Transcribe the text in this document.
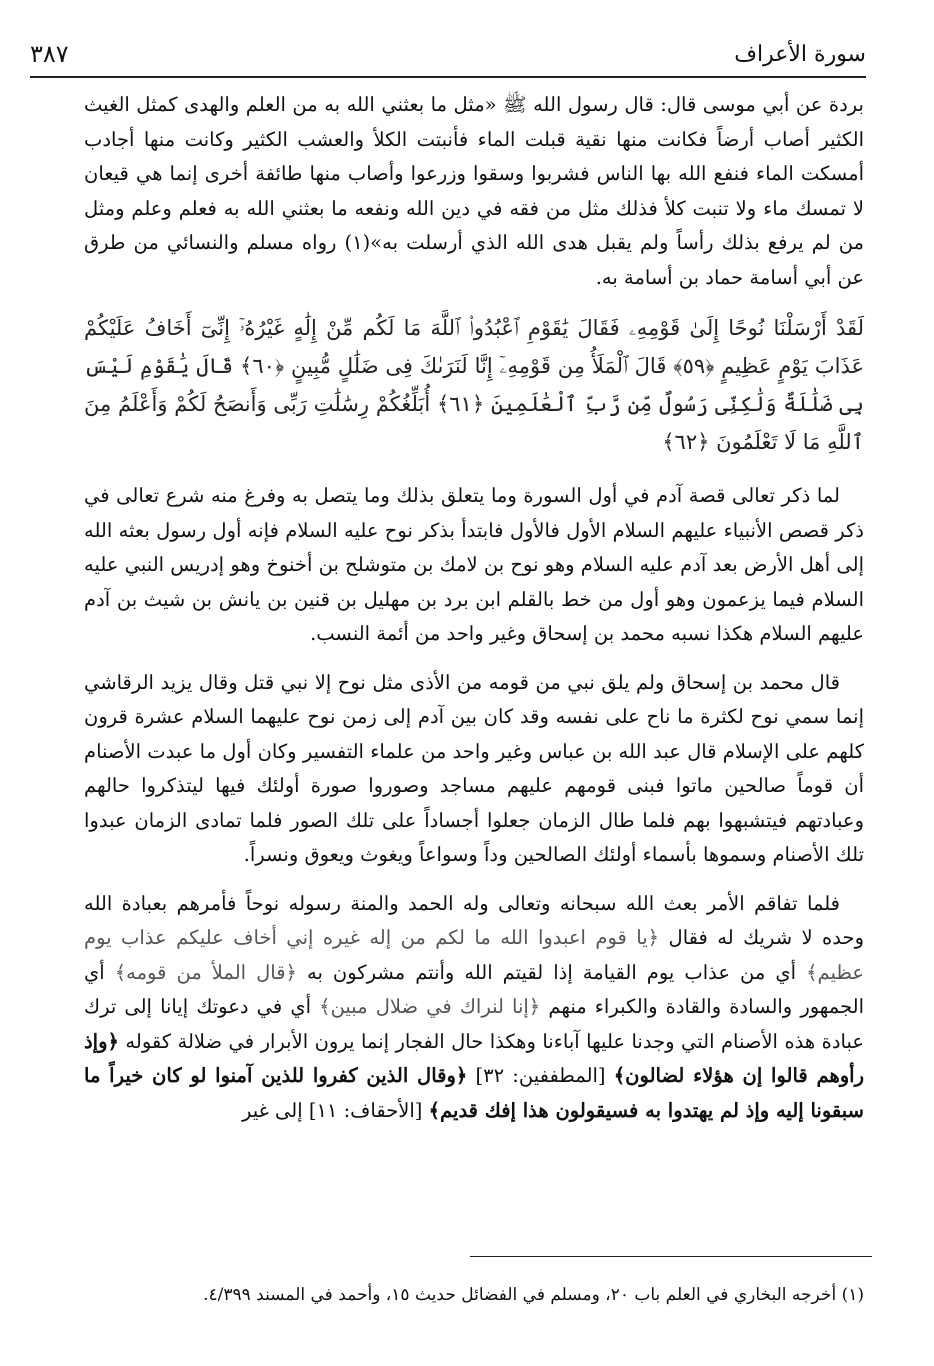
٣٨٧	سورة الأعراف

بردة عن أبي موسى قال: قال رسول الله ﷺ «مثل ما بعثني الله به من العلم والهدى كمثل الغيث الكثير أصاب أرضاً فكانت منها نقية قبلت الماء فأنبتت الكلأ والعشب الكثير وكانت منها أجادب أمسكت الماء فنفع الله بها الناس فشربوا وسقوا وزرعوا وأصاب منها طائفة أخرى إنما هي قيعان لا تمسك ماء ولا تنبت كلأ فذلك مثل من فقه في دين الله ونفعه ما بعثني الله به فعلم وعلم ومثل من لم يرفع بذلك رأساً ولم يقبل هدى الله الذي أرسلت به»(١) رواه مسلم والنسائي من طرق عن أبي أسامة حماد بن أسامة به.

لَقَدْ أَرْسَلْنَا نُوحًا إِلَىٰ قَوْمِهِۦ فَقَالَ يَٰقَوْمِ ٱعْبُدُوا۟ ٱللَّهَ مَا لَكُم مِّنْ إِلَٰهٍ غَيْرُهُۥٓ إِنِّىٓ أَخَافُ عَلَيْكُمْ عَذَابَ يَوْمٍ عَظِيمٍ ﴿٥٩﴾ قَالَ ٱلْمَلَأُ مِن قَوْمِهِۦٓ إِنَّا لَنَرَىٰكَ فِى ضَلَٰلٍ مُّبِينٍ ﴿٦٠﴾ قَالَ يَٰقَوْمِ لَيْسَ بِى ضَلَٰلَةٌ وَلَٰكِنِّى رَسُولٌ مِّن رَّبِّ ٱلْعَٰلَمِينَ ﴿٦١﴾ أُبَلِّغُكُمْ رِسَٰلَٰتِ رَبِّى وَأَنصَحُ لَكُمْ وَأَعْلَمُ مِنَ ٱللَّهِ مَا لَا تَعْلَمُونَ ﴿٦٢﴾

لما ذكر تعالى قصة آدم في أول السورة وما يتعلق بذلك وما يتصل به وفرغ منه شرع تعالى في ذكر قصص الأنبياء عليهم السلام الأول فالأول فابتدأ بذكر نوح عليه السلام فإنه أول رسول بعثه الله إلى أهل الأرض بعد آدم عليه السلام وهو نوح بن لامك بن متوشلح بن أخنوخ وهو إدريس النبي عليه السلام فيما يزعمون وهو أول من خط بالقلم ابن برد بن مهليل بن قنين بن يانش بن شيث بن آدم عليهم السلام هكذا نسبه محمد بن إسحاق وغير واحد من أئمة النسب.

قال محمد بن إسحاق ولم يلق نبي من قومه من الأذى مثل نوح إلا نبي قتل وقال يزيد الرقاشي إنما سمي نوح لكثرة ما ناح على نفسه وقد كان بين آدم إلى زمن نوح عليهما السلام عشرة قرون كلهم على الإسلام قال عبد الله بن عباس وغير واحد من علماء التفسير وكان أول ما عبدت الأصنام أن قوماً صالحين ماتوا فبنى قومهم عليهم مساجد وصوروا صورة أولئك فيها ليتذكروا حالهم وعبادتهم فيتشبهوا بهم فلما طال الزمان جعلوا أجساداً على تلك الصور فلما تمادى الزمان عبدوا تلك الأصنام وسموها بأسماء أولئك الصالحين وداً وسواعاً ويغوث ويعوق ونسراً.

فلما تفاقم الأمر بعث الله سبحانه وتعالى وله الحمد والمنة رسوله نوحاً فأمرهم بعبادة الله وحده لا شريك له فقال ﴿يا قوم اعبدوا الله ما لكم من إله غيره إني أخاف عليكم عذاب يوم عظيم﴾ أي من عذاب يوم القيامة إذا لقيتم الله وأنتم مشركون به ﴿قال الملأ من قومه﴾ أي الجمهور والسادة والقادة والكبراء منهم ﴿إنا لنراك في ضلال مبين﴾ أي في دعوتك إيانا إلى ترك عبادة هذه الأصنام التي وجدنا عليها آباءنا وهكذا حال الفجار إنما يرون الأبرار في ضلالة كقوله ﴿وإذ رأوهم قالوا إن هؤلاء لضالون﴾ [المطففين: ٣٢] ﴿وقال الذين كفروا للذين آمنوا لو كان خيراً ما سبقونا إليه وإذ لم يهتدوا به فسيقولون هذا إفك قديم﴾ [الأحقاف: ١١] إلى غير

(١) أخرجه البخاري في العلم باب ٢٠، ومسلم في الفضائل حديث ١٥، وأحمد في المسند ٤/٣٩٩.
